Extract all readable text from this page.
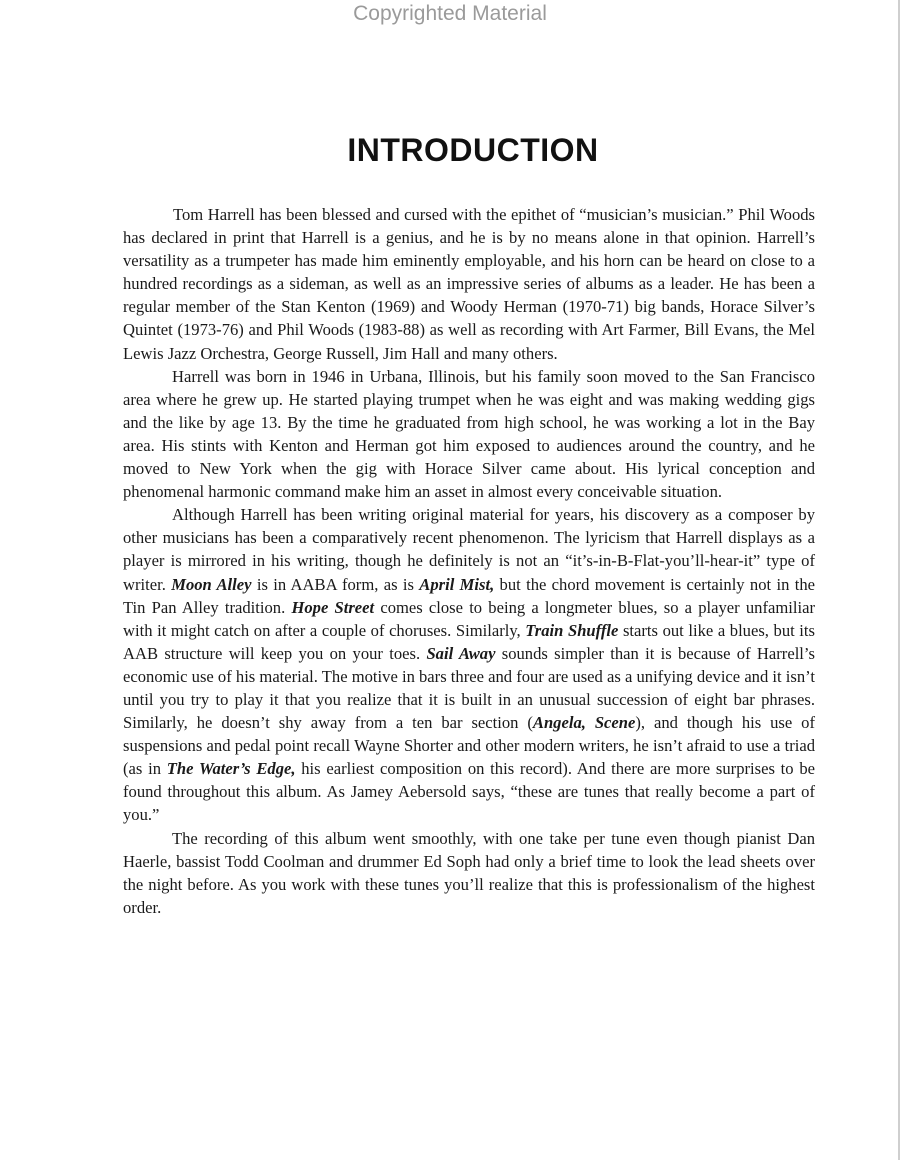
Copyrighted Material
INTRODUCTION

Tom Harrell has been blessed and cursed with the epithet of “musician’s musician.” Phil Woods has declared in print that Harrell is a genius, and he is by no means alone in that opinion. Harrell’s versatility as a trumpeter has made him eminently employable, and his horn can be heard on close to a hundred recordings as a sideman, as well as an impressive series of albums as a leader. He has been a regular member of the Stan Kenton (1969) and Woody Herman (1970-71) big bands, Horace Silver’s Quintet (1973-76) and Phil Woods (1983-88) as well as recording with Art Farmer, Bill Evans, the Mel Lewis Jazz Orchestra, George Russell, Jim Hall and many others.

Harrell was born in 1946 in Urbana, Illinois, but his family soon moved to the San Francisco area where he grew up. He started playing trumpet when he was eight and was making wedding gigs and the like by age 13. By the time he graduated from high school, he was working a lot in the Bay area. His stints with Kenton and Herman got him exposed to audiences around the country, and he moved to New York when the gig with Horace Silver came about. His lyrical conception and phenomenal harmonic command make him an asset in almost every conceivable situation.

Although Harrell has been writing original material for years, his discovery as a composer by other musicians has been a comparatively recent phenomenon. The lyricism that Harrell displays as a player is mirrored in his writing, though he definitely is not an “it’s-in-B-Flat-you’ll-hear-it” type of writer. Moon Alley is in AABA form, as is April Mist, but the chord movement is certainly not in the Tin Pan Alley tradition. Hope Street comes close to being a longmeter blues, so a player unfamiliar with it might catch on after a couple of choruses. Similarly, Train Shuffle starts out like a blues, but its AAB structure will keep you on your toes. Sail Away sounds simpler than it is because of Harrell’s economic use of his material. The motive in bars three and four are used as a unifying device and it isn’t until you try to play it that you realize that it is built in an unusual succession of eight bar phrases. Similarly, he doesn’t shy away from a ten bar section (Angela, Scene), and though his use of suspensions and pedal point recall Wayne Shorter and other modern writers, he isn’t afraid to use a triad (as in The Water’s Edge, his earliest composition on this record). And there are more surprises to be found throughout this album. As Jamey Aebersold says, “these are tunes that really become a part of you.”

The recording of this album went smoothly, with one take per tune even though pianist Dan Haerle, bassist Todd Coolman and drummer Ed Soph had only a brief time to look the lead sheets over the night before. As you work with these tunes you’ll realize that this is professionalism of the highest order.
